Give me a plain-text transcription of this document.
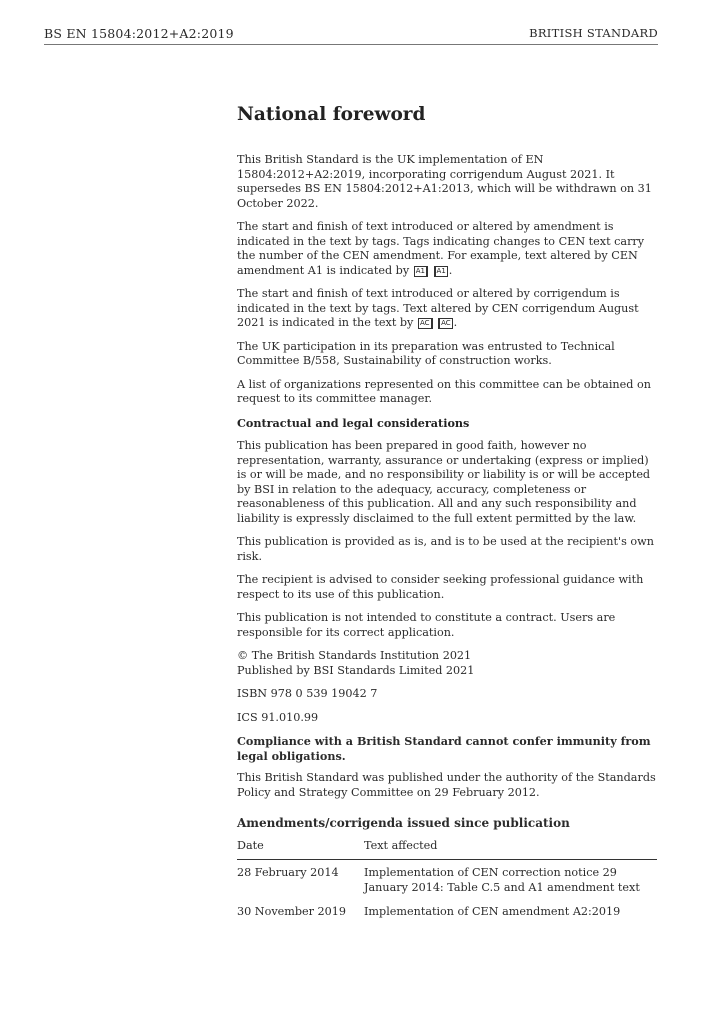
BS EN 15804:2012+A2:2019	BRITISH STANDARD
National foreword

This British Standard is the UK implementation of EN 15804:2012+A2:2019, incorporating corrigendum August 2021. It supersedes BS EN 15804:2012+A1:2013, which will be withdrawn on 31 October 2022.

The start and finish of text introduced or altered by amendment is indicated in the text by tags. Tags indicating changes to CEN text carry the number of the CEN amendment. For example, text altered by CEN amendment A1 is indicated by A1 A1 .

The start and finish of text introduced or altered by corrigendum is indicated in the text by tags. Text altered by CEN corrigendum August 2021 is indicated in the text by AC AC .

The UK participation in its preparation was entrusted to Technical Committee B/558, Sustainability of construction works.

A list of organizations represented on this committee can be obtained on request to its committee manager.

Contractual and legal considerations

This publication has been prepared in good faith, however no representation, warranty, assurance or undertaking (express or implied) is or will be made, and no responsibility or liability is or will be accepted by BSI in relation to the adequacy, accuracy, completeness or reasonableness of this publication. All and any such responsibility and liability is expressly disclaimed to the full extent permitted by the law.

This publication is provided as is, and is to be used at the recipient's own risk.

The recipient is advised to consider seeking professional guidance with respect to its use of this publication.

This publication is not intended to constitute a contract. Users are responsible for its correct application.

© The British Standards Institution 2021
Published by BSI Standards Limited 2021

ISBN 978 0 539 19042 7

ICS 91.010.99

Compliance with a British Standard cannot confer immunity from legal obligations.

This British Standard was published under the authority of the Standards Policy and Strategy Committee on 29 February 2012.

Amendments/corrigenda issued since publication
Date	Text affected
28 February 2014	Implementation of CEN correction notice 29 January 2014: Table C.5 and A1 amendment text
30 November 2019	Implementation of CEN amendment A2:2019
